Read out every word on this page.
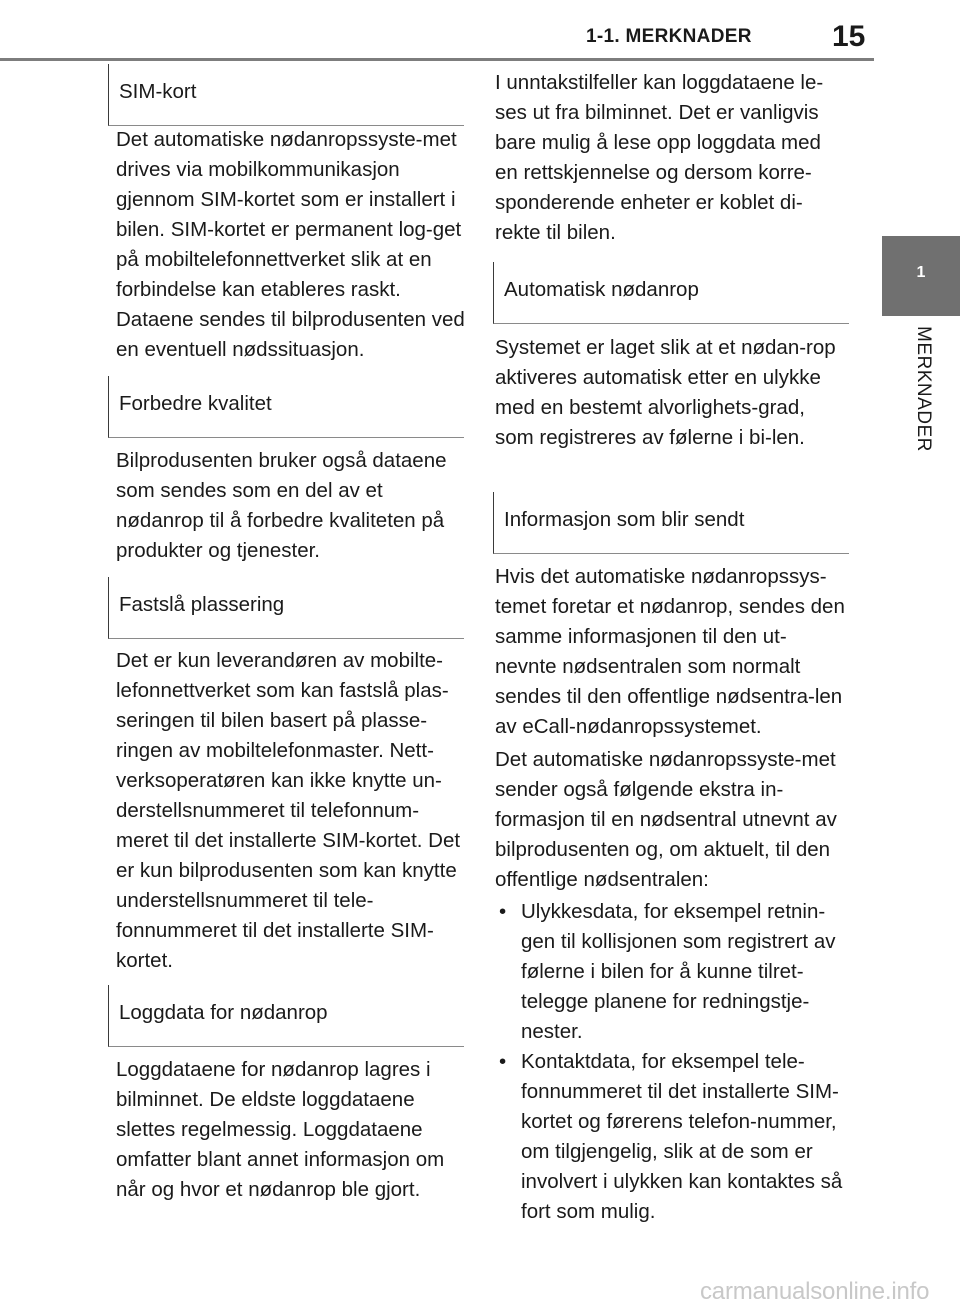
1-1. MERKNADER	15
1
MERKNADER
SIM-kort

Det automatiske nødanropssyste-met drives via mobilkommunikasjon gjennom SIM-kortet som er installert i bilen. SIM-kortet er permanent log-get på mobiltelefonnettverket slik at en forbindelse kan etableres raskt. Dataene sendes til bilprodusenten ved en eventuell nødssituasjon.

Forbedre kvalitet

Bilprodusenten bruker også dataene som sendes som en del av et nødanrop til å forbedre kvaliteten på produkter og tjenester.

Fastslå plassering

Det er kun leverandøren av mobilte-lefonnettverket som kan fastslå plas-seringen til bilen basert på plasse-ringen av mobiltelefonmaster. Nett-verksoperatøren kan ikke knytte un-derstellsnummeret til telefonnum-meret til det installerte SIM-kortet. Det er kun bilprodusenten som kan knytte understellsnummeret til tele-fonnummeret til det installerte SIM-kortet.

Loggdata for nødanrop

Loggdataene for nødanrop lagres i bilminnet. De eldste loggdataene slettes regelmessig. Loggdataene omfatter blant annet informasjon om når og hvor et nødanrop ble gjort.

I unntakstilfeller kan loggdataene le-ses ut fra bilminnet. Det er vanligvis bare mulig å lese opp loggdata med en rettskjennelse og dersom korre-sponderende enheter er koblet di-rekte til bilen.

Automatisk nødanrop

Systemet er laget slik at et nødan-rop aktiveres automatisk etter en ulykke med en bestemt alvorlighets-grad, som registreres av følerne i bi-len.

Informasjon som blir sendt

Hvis det automatiske nødanropssys-temet foretar et nødanrop, sendes den samme informasjonen til den ut-nevnte nødsentralen som normalt sendes til den offentlige nødsentra-len av eCall-nødanropssystemet.

Det automatiske nødanropssyste-met sender også følgende ekstra in-formasjon til en nødsentral utnevnt av bilprodusenten og, om aktuelt, til den offentlige nødsentralen:

• Ulykkesdata, for eksempel retnin-gen til kollisjonen som registrert av følerne i bilen for å kunne tilret-telegge planene for redningstje-nester.
• Kontaktdata, for eksempel tele-fonnummeret til det installerte SIM-kortet og førerens telefon-nummer, om tilgjengelig, slik at de som er involvert i ulykken kan kontaktes så fort som mulig.
carmanualsonline.info
